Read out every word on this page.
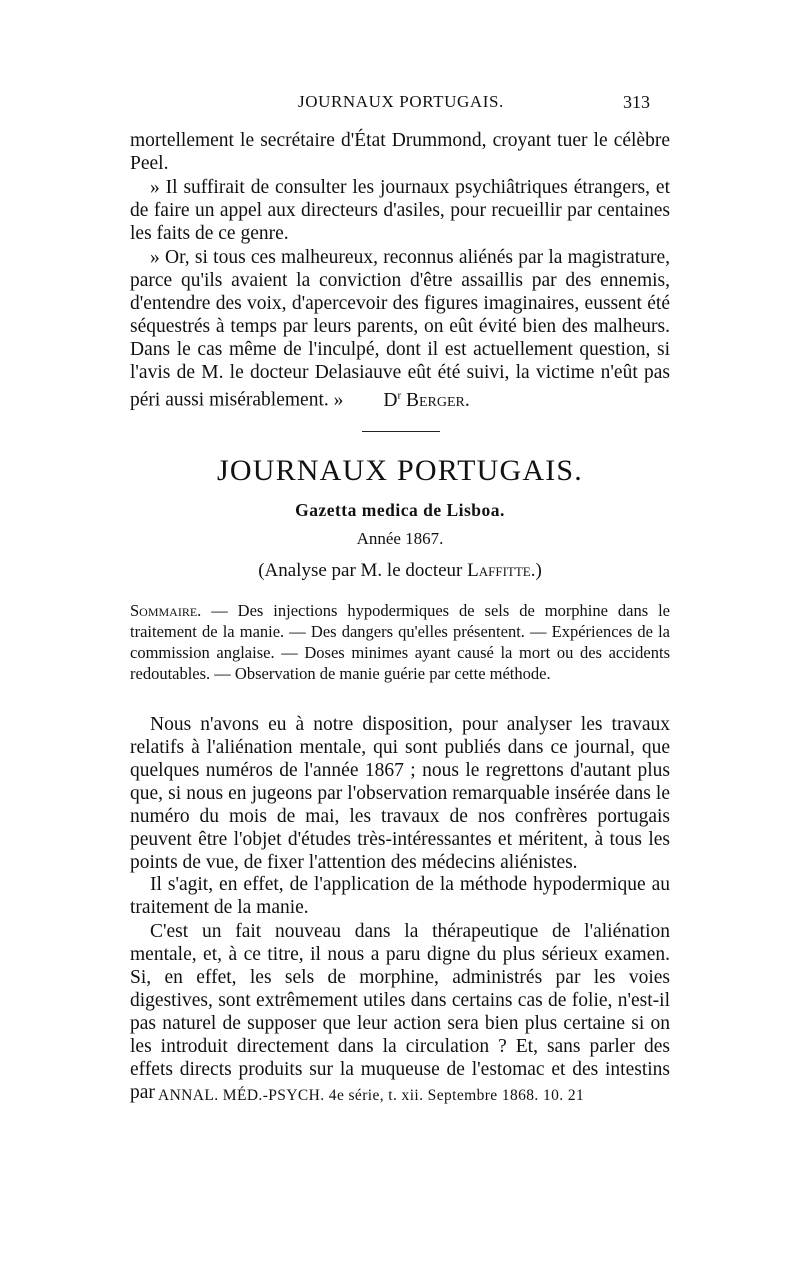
JOURNAUX PORTUGAIS.	313

mortellement le secrétaire d'État Drummond, croyant tuer le célèbre Peel.

» Il suffirait de consulter les journaux psychiâtriques étrangers, et de faire un appel aux directeurs d'asiles, pour recueillir par centaines les faits de ce genre.

» Or, si tous ces malheureux, reconnus aliénés par la magistrature, parce qu'ils avaient la conviction d'être assaillis par des ennemis, d'entendre des voix, d'apercevoir des figures imaginaires, eussent été séquestrés à temps par leurs parents, on eût évité bien des malheurs. Dans le cas même de l'inculpé, dont il est actuellement question, si l'avis de M. le docteur Delasiauve eût été suivi, la victime n'eût pas péri aussi misérablement. » $D^r$ Berger.

JOURNAUX PORTUGAIS.
Gazetta medica de Lisboa.
Année 1867.
(Analyse par M. le docteur Laffitte.)
Sommaire. — Des injections hypodermiques de sels de morphine dans le traitement de la manie. — Des dangers qu'elles présentent. — Expériences de la commission anglaise. — Doses minimes ayant causé la mort ou des accidents redoutables. — Observation de manie guérie par cette méthode.

Nous n'avons eu à notre disposition, pour analyser les travaux relatifs à l'aliénation mentale, qui sont publiés dans ce journal, que quelques numéros de l'année 1867 ; nous le regrettons d'autant plus que, si nous en jugeons par l'observation remarquable insérée dans le numéro du mois de mai, les travaux de nos confrères portugais peuvent être l'objet d'études très-intéressantes et méritent, à tous les points de vue, de fixer l'attention des médecins aliénistes.

Il s'agit, en effet, de l'application de la méthode hypodermique au traitement de la manie.

C'est un fait nouveau dans la thérapeutique de l'aliénation mentale, et, à ce titre, il nous a paru digne du plus sérieux examen. Si, en effet, les sels de morphine, administrés par les voies digestives, sont extrêmement utiles dans certains cas de folie, n'est-il pas naturel de supposer que leur action sera bien plus certaine si on les introduit directement dans la circulation ? Et, sans parler des effets directs produits sur la muqueuse de l'estomac et des intestins par ANNAL. MÉD.-PSYCH. 4e série, t. xii. Septembre 1868. 10. 21
